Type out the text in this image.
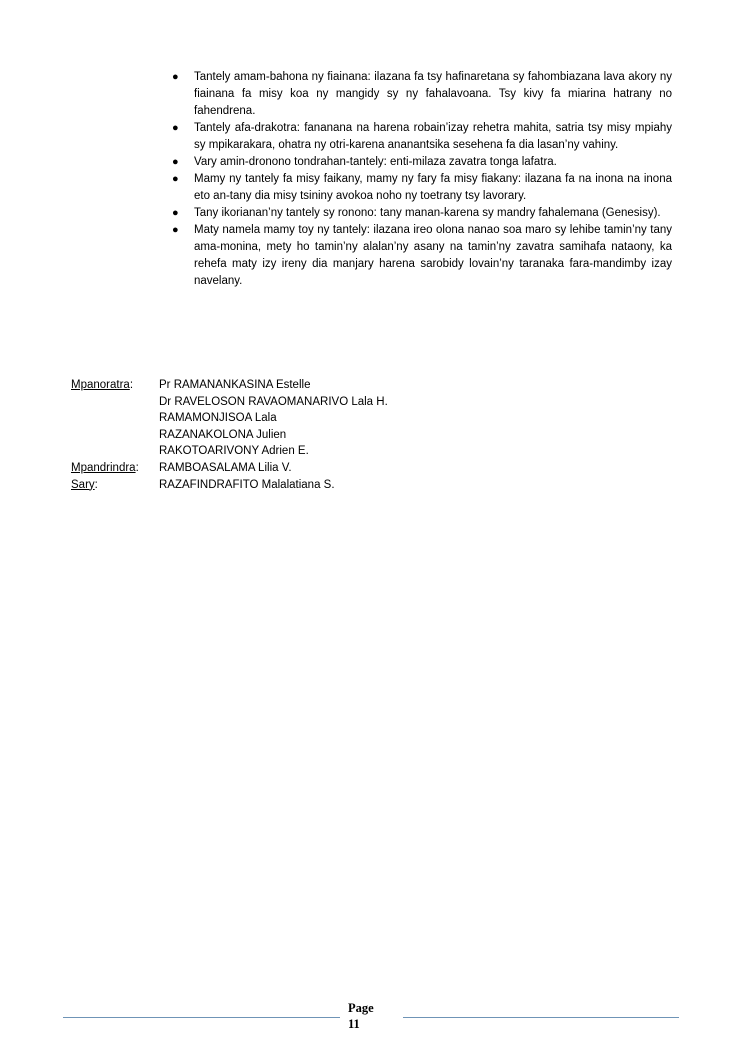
● Tantely amam-bahona ny fiainana: ilazana fa tsy hafinaretana sy fahombiazana lava akory ny fiainana fa misy koa ny mangidy sy ny fahalavoana. Tsy kivy fa miarina hatrany no fahendrena.
● Tantely afa-drakotra: fananana na harena robain’izay rehetra mahita, satria tsy misy mpiahy sy mpikarakara, ohatra ny otri-karena ananantsika sesehena fa dia lasan’ny vahiny.
● Vary amin-dronono tondrahan-tantely: enti-milaza zavatra tonga lafatra.
● Mamy ny tantely fa misy faikany, mamy ny fary fa misy fiakany: ilazana fa na inona na inona eto an-tany dia misy tsininy avokoa noho ny toetrany tsy lavorary.
● Tany ikorianan’ny tantely sy ronono: tany manan-karena sy mandry fahalemana (Genesisy).
● Maty namela mamy toy ny tantely: ilazana ireo olona nanao soa maro sy lehibe tamin’ny tany ama-monina, mety ho tamin’ny alalan’ny asany na tamin’ny zavatra samihafa nataony, ka rehefa maty izy ireny dia manjary harena sarobidy lovain’ny taranaka fara-mandimby izay navelany.
Mpanoratra:	Pr RAMANANKASINA Estelle
Dr RAVELOSON RAVAOMANARIVO Lala H.
RAMAMONJISOA Lala
RAZANAKOLONA Julien
RAKOTOARIVONY Adrien E.
Mpandrindra:	RAMBOASALAMA Lilia V.
Sary:	RAZAFINDRAFITO Malalatiana S.
Page
11
